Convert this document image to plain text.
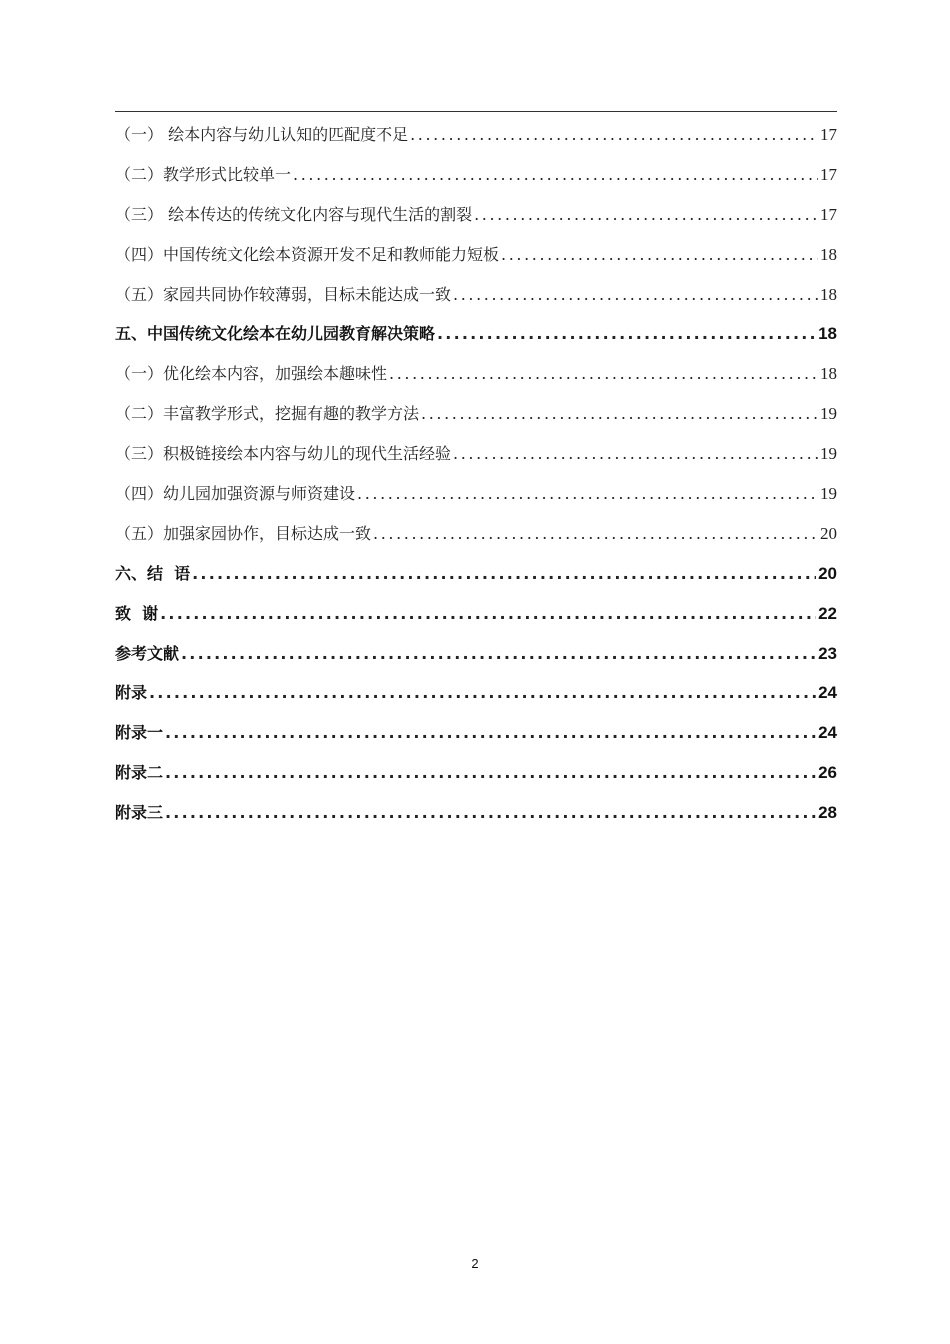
（一） 绘本内容与幼儿认知的匹配度不足 .....	17
（二）教学形式比较单一 .....	17
（三） 绘本传达的传统文化内容与现代生活的割裂 .....	17
（四）中国传统文化绘本资源开发不足和教师能力短板 .....	18
（五）家园共同协作较薄弱，目标未能达成一致 .....	18
五、中国传统文化绘本在幼儿园教育解决策略 .....	18
（一）优化绘本内容，加强绘本趣味性 .....	18
（二）丰富教学形式，挖掘有趣的教学方法 .....	19
（三）积极链接绘本内容与幼儿的现代生活经验 .....	19
（四）幼儿园加强资源与师资建设 .....	19
（五）加强家园协作，目标达成一致 .....	20
六、结  语 .....	20
致  谢 .....	22
参考文献 .....	23
附录 .....	24
附录一 .....	24
附录二 .....	26
附录三 .....	28
2
